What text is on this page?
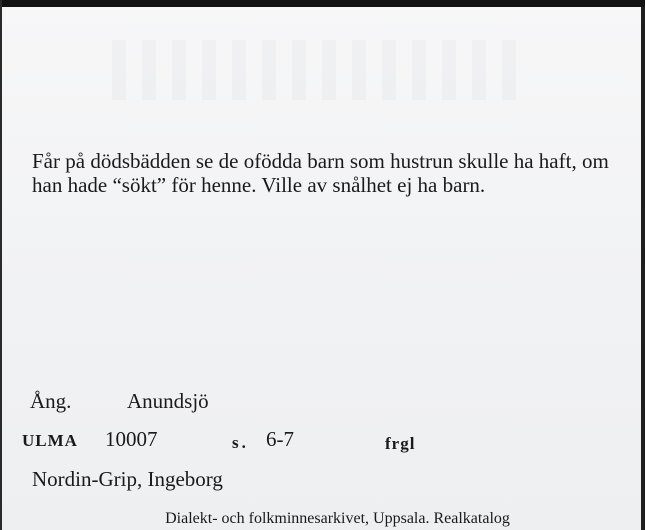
Får på dödsbädden se de ofödda barn som hustrun skulle ha haft, om han hade “sökt” för henne. Ville av snålhet ej ha barn.

Ång.	Anundsjö
ULMA 10007	s. 6-7	frgl
Nordin-Grip, Ingeborg
Dialekt- och folkminnesarkivet, Uppsala. Realkatalog
